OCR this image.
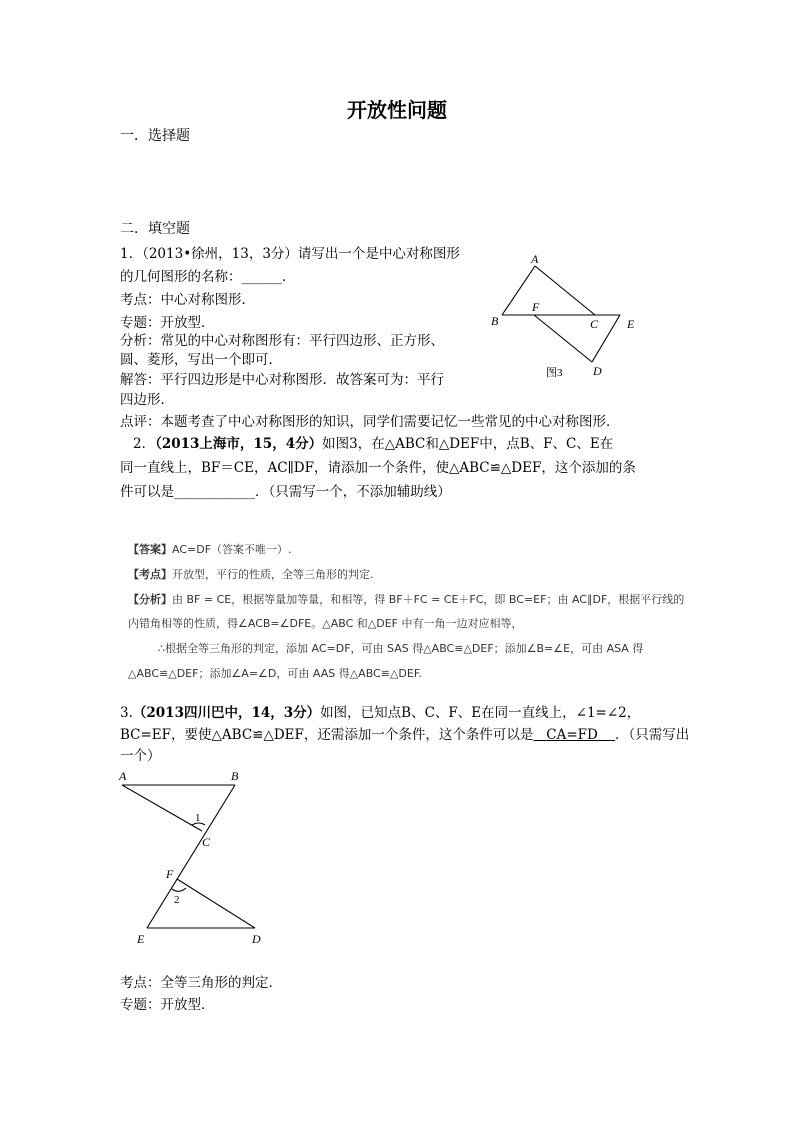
开放性问题
一．选择题
二．填空题
1．（2013•徐州，13，3分）请写出一个是中心对称图形
的几何图形的名称：______．
考点：中心对称图形．
专题：开放型．
分析：常见的中心对称图形有：平行四边形、正方形、
圆、菱形，写出一个即可．
解答：平行四边形是中心对称图形．故答案可为：平行
四边形．
点评：本题考查了中心对称图形的知识，同学们需要记忆一些常见的中心对称图形．
A
B
F
C E
D
图3
2．（2013上海市，15，4分）如图3，在△ABC和△DEF中，点B、F、C、E在
同一直线上，BF＝CE，AC∥DF，请添加一个条件，使△ABC≌△DEF，这个添加的条
件可以是____________．（只需写一个，不添加辅助线）
【答案】AC=DF（答案不唯一）.
【考点】开放型，平行的性质，全等三角形的判定.
【分析】由 BF = CE，根据等量加等量，和相等，得 BF＋FC = CE＋FC，即 BC=EF；由 AC∥DF，根据平行线的
内错角相等的性质，得∠ACB=∠DFE。△ABC 和△DEF 中有一角一边对应相等，
∴根据全等三角形的判定，添加 AC=DF，可由 SAS 得△ABC≌△DEF；添加∠B=∠E，可由 ASA 得
△ABC≌△DEF；添加∠A=∠D，可由 AAS 得△ABC≌△DEF.
3.（2013四川巴中，14，3分）如图，已知点B、C、F、E在同一直线上，∠1=∠2，
BC=EF，要使△ABC≌△DEF，还需添加一个条件，这个条件可以是   CA=FD    ．（只需写出
一个）
A	B
1
C
F
2
E	D
考点：全等三角形的判定．
专题：开放型．
